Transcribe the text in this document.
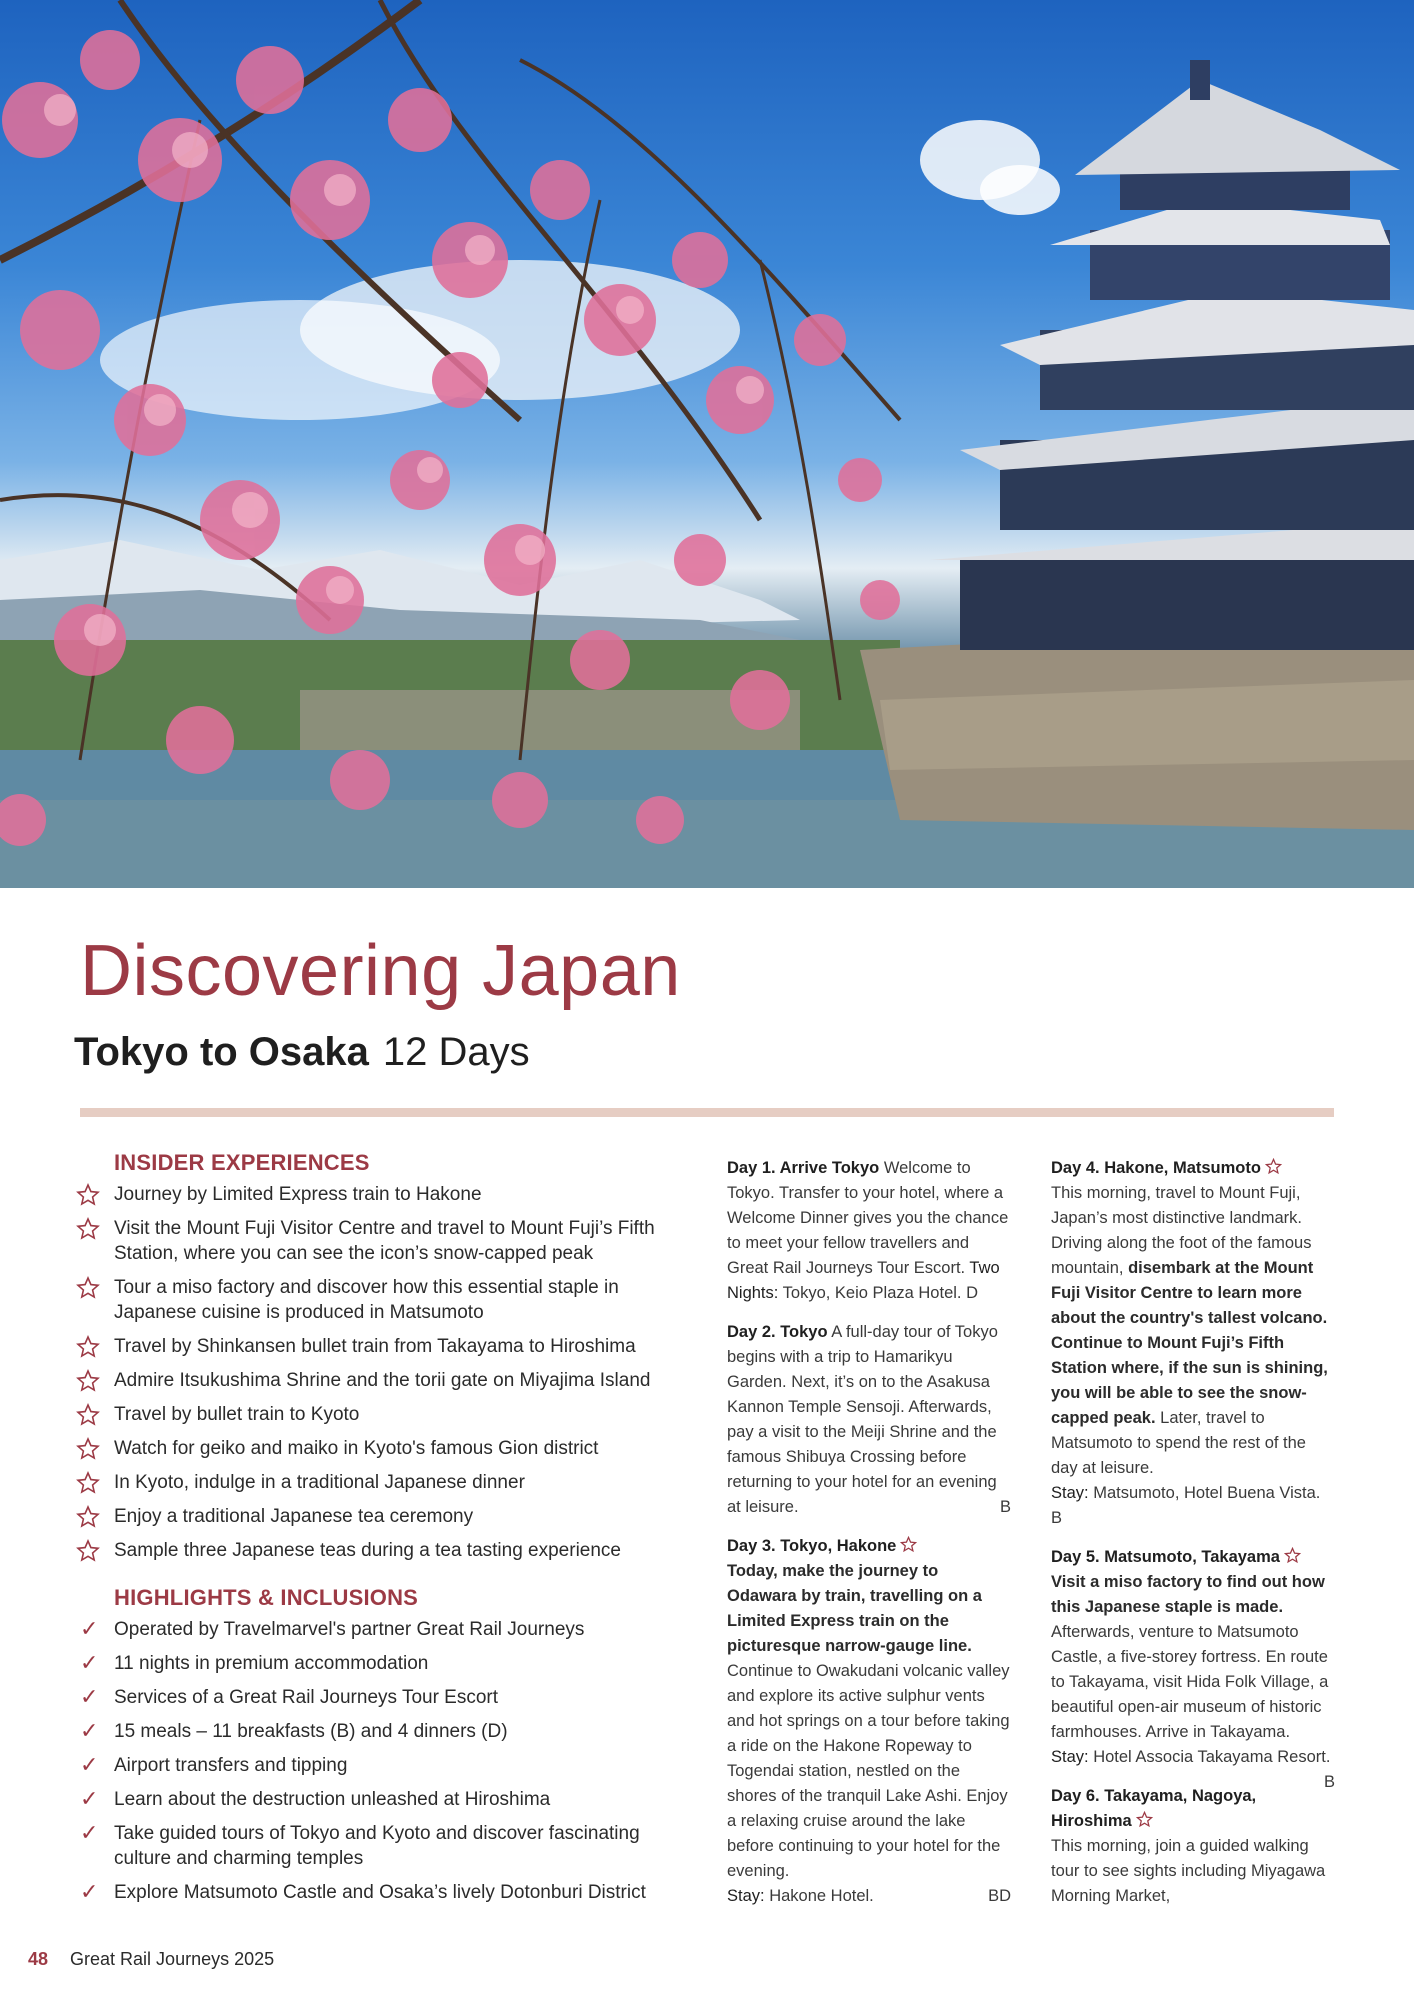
Discovering Japan
Tokyo to Osaka 12 Days
INSIDER EXPERIENCES
Journey by Limited Express train to Hakone
Visit the Mount Fuji Visitor Centre and travel to Mount Fuji’s Fifth Station, where you can see the icon’s snow-capped peak
Tour a miso factory and discover how this essential staple in Japanese cuisine is produced in Matsumoto
Travel by Shinkansen bullet train from Takayama to Hiroshima
Admire Itsukushima Shrine and the torii gate on Miyajima Island
Travel by bullet train to Kyoto
Watch for geiko and maiko in Kyoto's famous Gion district
In Kyoto, indulge in a traditional Japanese dinner
Enjoy a traditional Japanese tea ceremony
Sample three Japanese teas during a tea tasting experience
HIGHLIGHTS & INCLUSIONS
✓ Operated by Travelmarvel's partner Great Rail Journeys
✓ 11 nights in premium accommodation
✓ Services of a Great Rail Journeys Tour Escort
✓ 15 meals – 11 breakfasts (B) and 4 dinners (D)
✓ Airport transfers and tipping
✓ Learn about the destruction unleashed at Hiroshima
✓ Take guided tours of Tokyo and Kyoto and discover fascinating culture and charming temples
✓ Explore Matsumoto Castle and Osaka’s lively Dotonburi District
Day 1. Arrive Tokyo Welcome to Tokyo. Transfer to your hotel, where a Welcome Dinner gives you the chance to meet your fellow travellers and Great Rail Journeys Tour Escort. Two Nights: Tokyo, Keio Plaza Hotel. D
Day 2. Tokyo A full-day tour of Tokyo begins with a trip to Hamarikyu Garden. Next, it’s on to the Asakusa Kannon Temple Sensoji. Afterwards, pay a visit to the Meiji Shrine and the famous Shibuya Crossing before returning to your hotel for an evening at leisure.	B
Day 3. Tokyo, Hakone
Today, make the journey to Odawara by train, travelling on a Limited Express train on the picturesque narrow-gauge line. Continue to Owakudani volcanic valley and explore its active sulphur vents and hot springs on a tour before taking a ride on the Hakone Ropeway to Togendai station, nestled on the shores of the tranquil Lake Ashi. Enjoy a relaxing cruise around the lake before continuing to your hotel for the evening.
Stay: Hakone Hotel.	BD
Day 4. Hakone, Matsumoto
This morning, travel to Mount Fuji, Japan’s most distinctive landmark. Driving along the foot of the famous mountain, disembark at the Mount Fuji Visitor Centre to learn more about the country's tallest volcano. Continue to Mount Fuji’s Fifth Station where, if the sun is shining, you will be able to see the snow-capped peak. Later, travel to Matsumoto to spend the rest of the day at leisure.
Stay: Matsumoto, Hotel Buena Vista. B
Day 5. Matsumoto, Takayama
Visit a miso factory to find out how this Japanese staple is made. Afterwards, venture to Matsumoto Castle, a five-storey fortress. En route to Takayama, visit Hida Folk Village, a beautiful open-air museum of historic farmhouses. Arrive in Takayama.
Stay: Hotel Associa Takayama Resort.
B
Day 6. Takayama, Nagoya, Hiroshima
This morning, join a guided walking tour to see sights including Miyagawa Morning Market,
48 Great Rail Journeys 2025
